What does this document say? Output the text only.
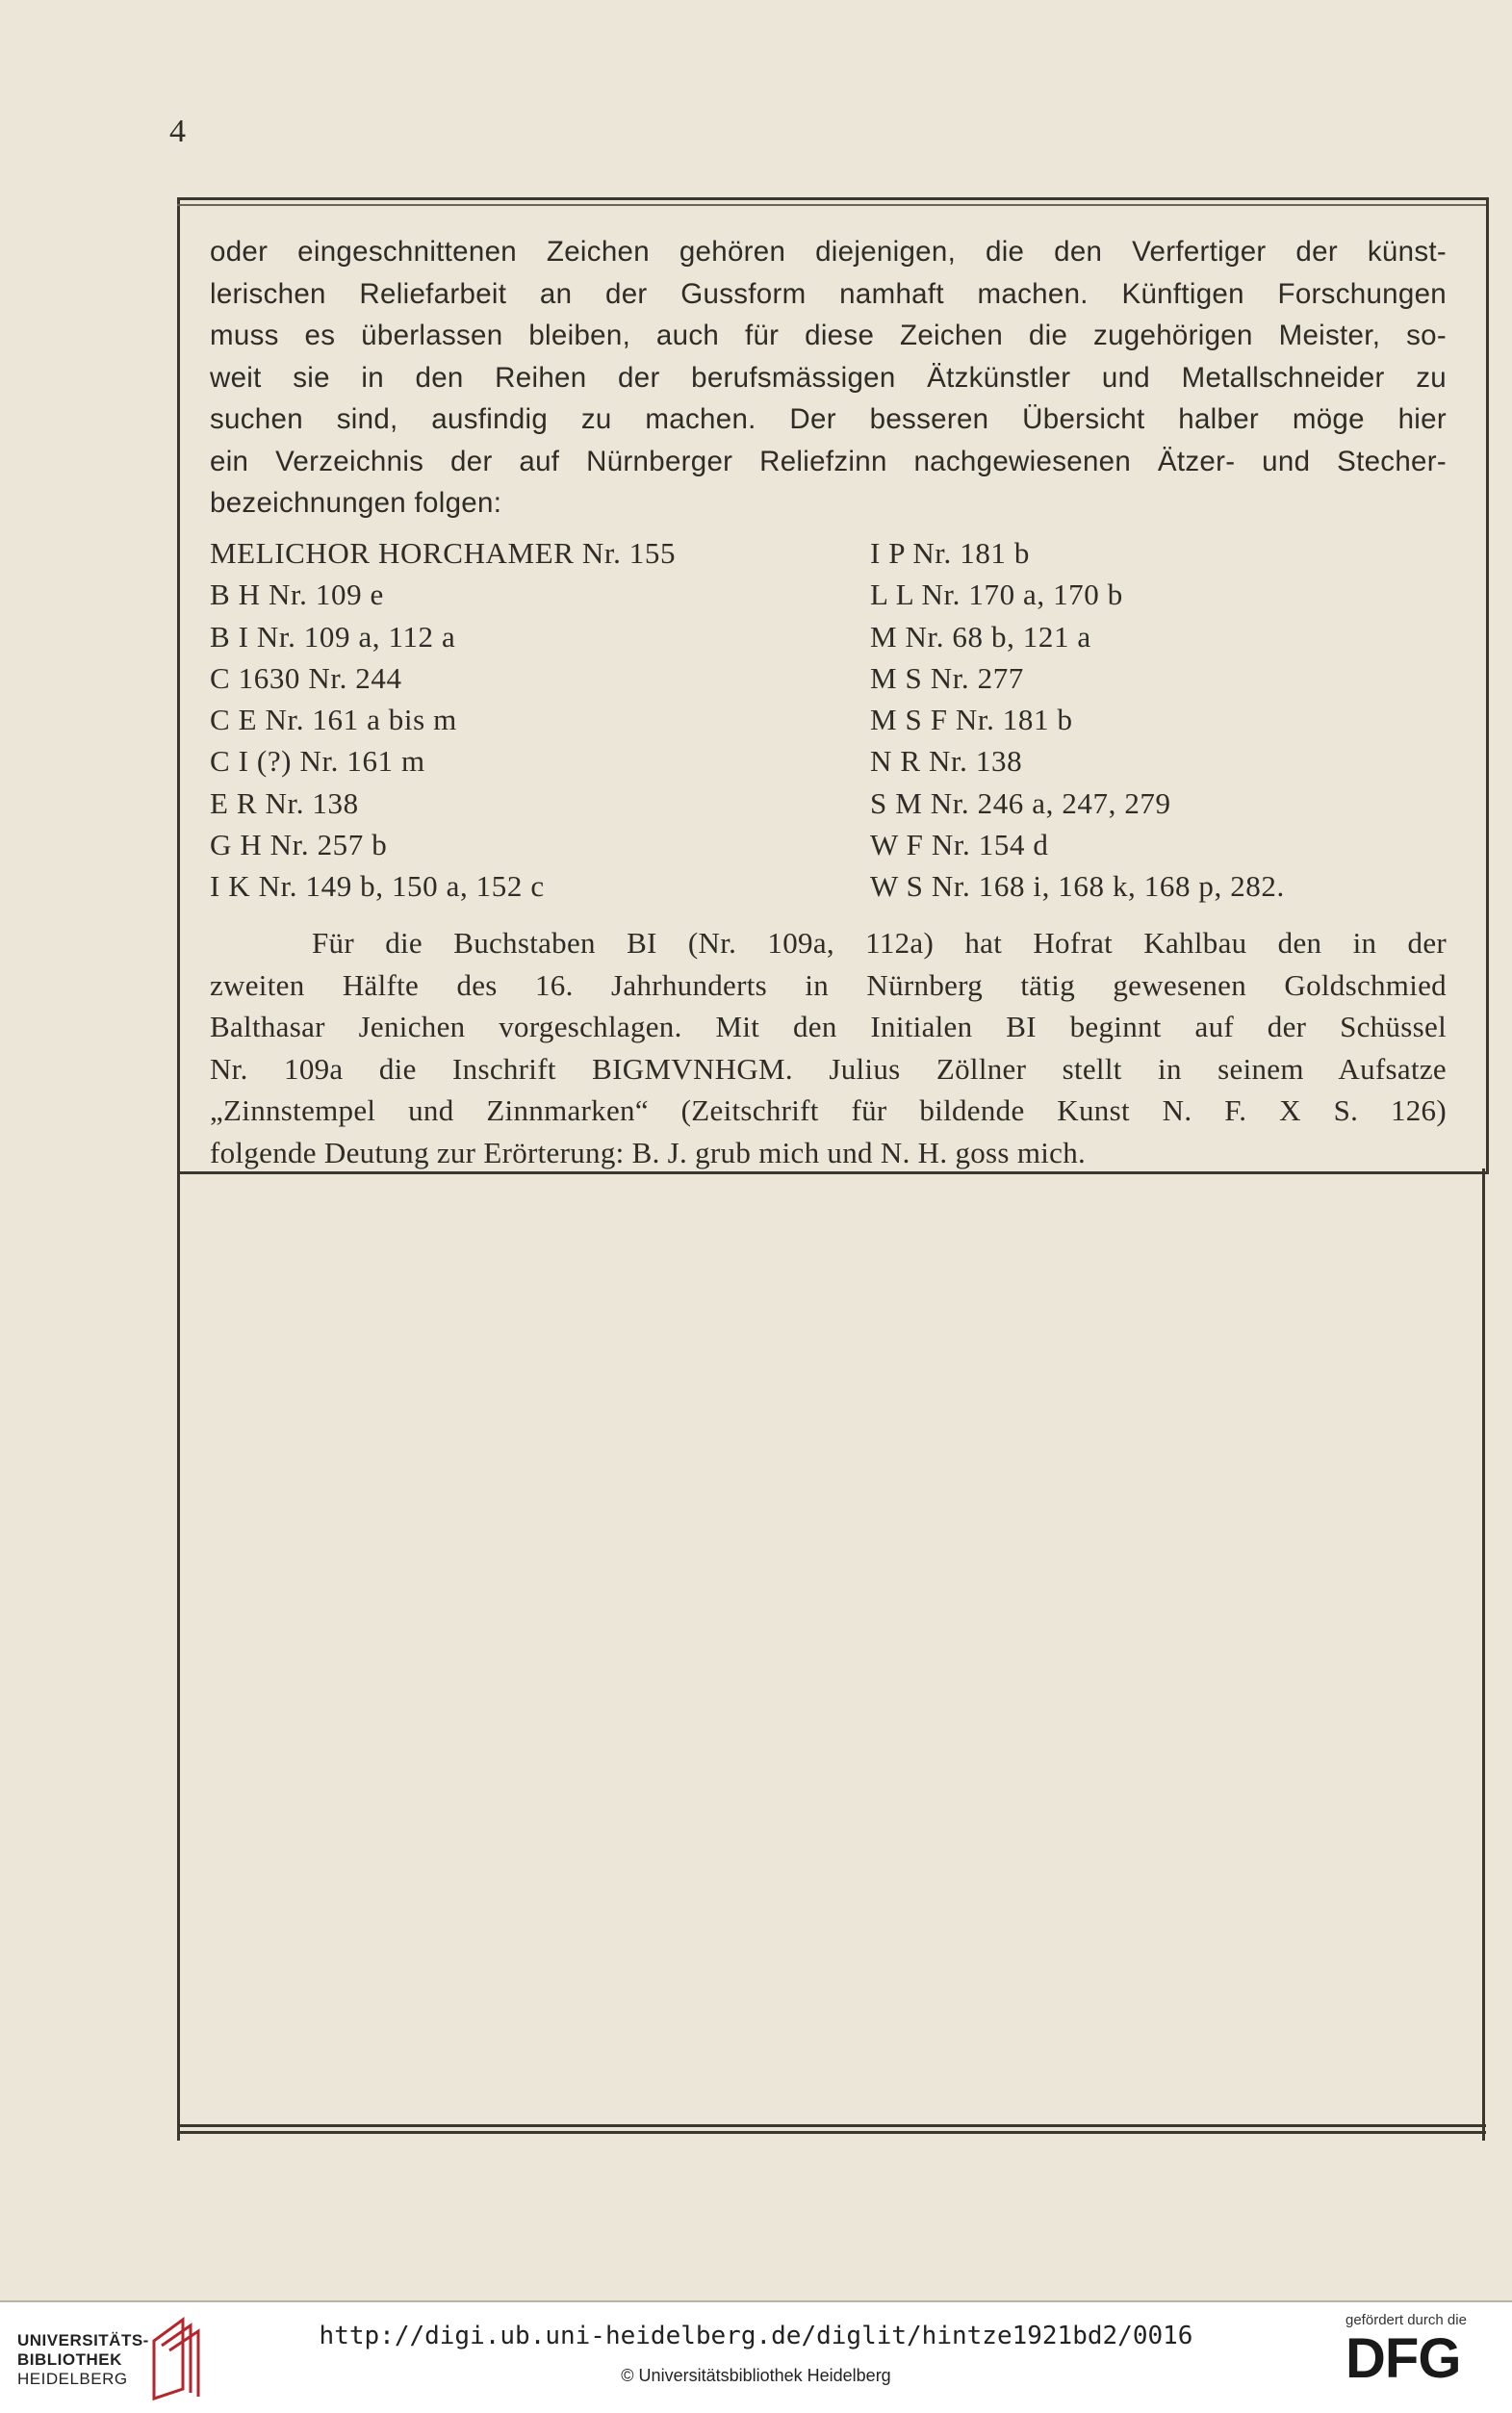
4
oder eingeschnittenen Zeichen gehören diejenigen, die den Verfertiger der künst-
lerischen Reliefarbeit an der Gussform namhaft machen. Künftigen Forschungen
muss es überlassen bleiben, auch für diese Zeichen die zugehörigen Meister, so-
weit sie in den Reihen der berufsmässigen Ätzkünstler und Metallschneider zu
suchen sind, ausfindig zu machen. Der besseren Übersicht halber möge hier
ein Verzeichnis der auf Nürnberger Reliefzinn nachgewiesenen Ätzer- und Stecher-
bezeichnungen folgen:
MELICHOR HORCHAMER Nr. 155
B H Nr. 109 e
B I Nr. 109 a, 112 a
C 1630 Nr. 244
C E Nr. 161 a bis m
C I (?) Nr. 161 m
E R Nr. 138
G H Nr. 257 b
I K Nr. 149 b, 150 a, 152 c
I P Nr. 181 b
L L Nr. 170 a, 170 b
M Nr. 68 b, 121 a
M S Nr. 277
M S F Nr. 181 b
N R Nr. 138
S M Nr. 246 a, 247, 279
W F Nr. 154 d
W S Nr. 168 i, 168 k, 168 p, 282.
Für die Buchstaben BI (Nr. 109a, 112a) hat Hofrat Kahlbau den in der
zweiten Hälfte des 16. Jahrhunderts in Nürnberg tätig gewesenen Goldschmied
Balthasar Jenichen vorgeschlagen. Mit den Initialen BI beginnt auf der Schüssel
Nr. 109a die Inschrift BIGMVNHGM. Julius Zöllner stellt in seinem Aufsatze
„Zinnstempel und Zinnmarken“ (Zeitschrift für bildende Kunst N. F. X S. 126)
folgende Deutung zur Erörterung: B. J. grub mich und N. H. goss mich.
UNIVERSITÄTS-
BIBLIOTHEK
HEIDELBERG
http://digi.ub.uni-heidelberg.de/diglit/hintze1921bd2/0016
© Universitätsbibliothek Heidelberg
gefördert durch die
DFG
